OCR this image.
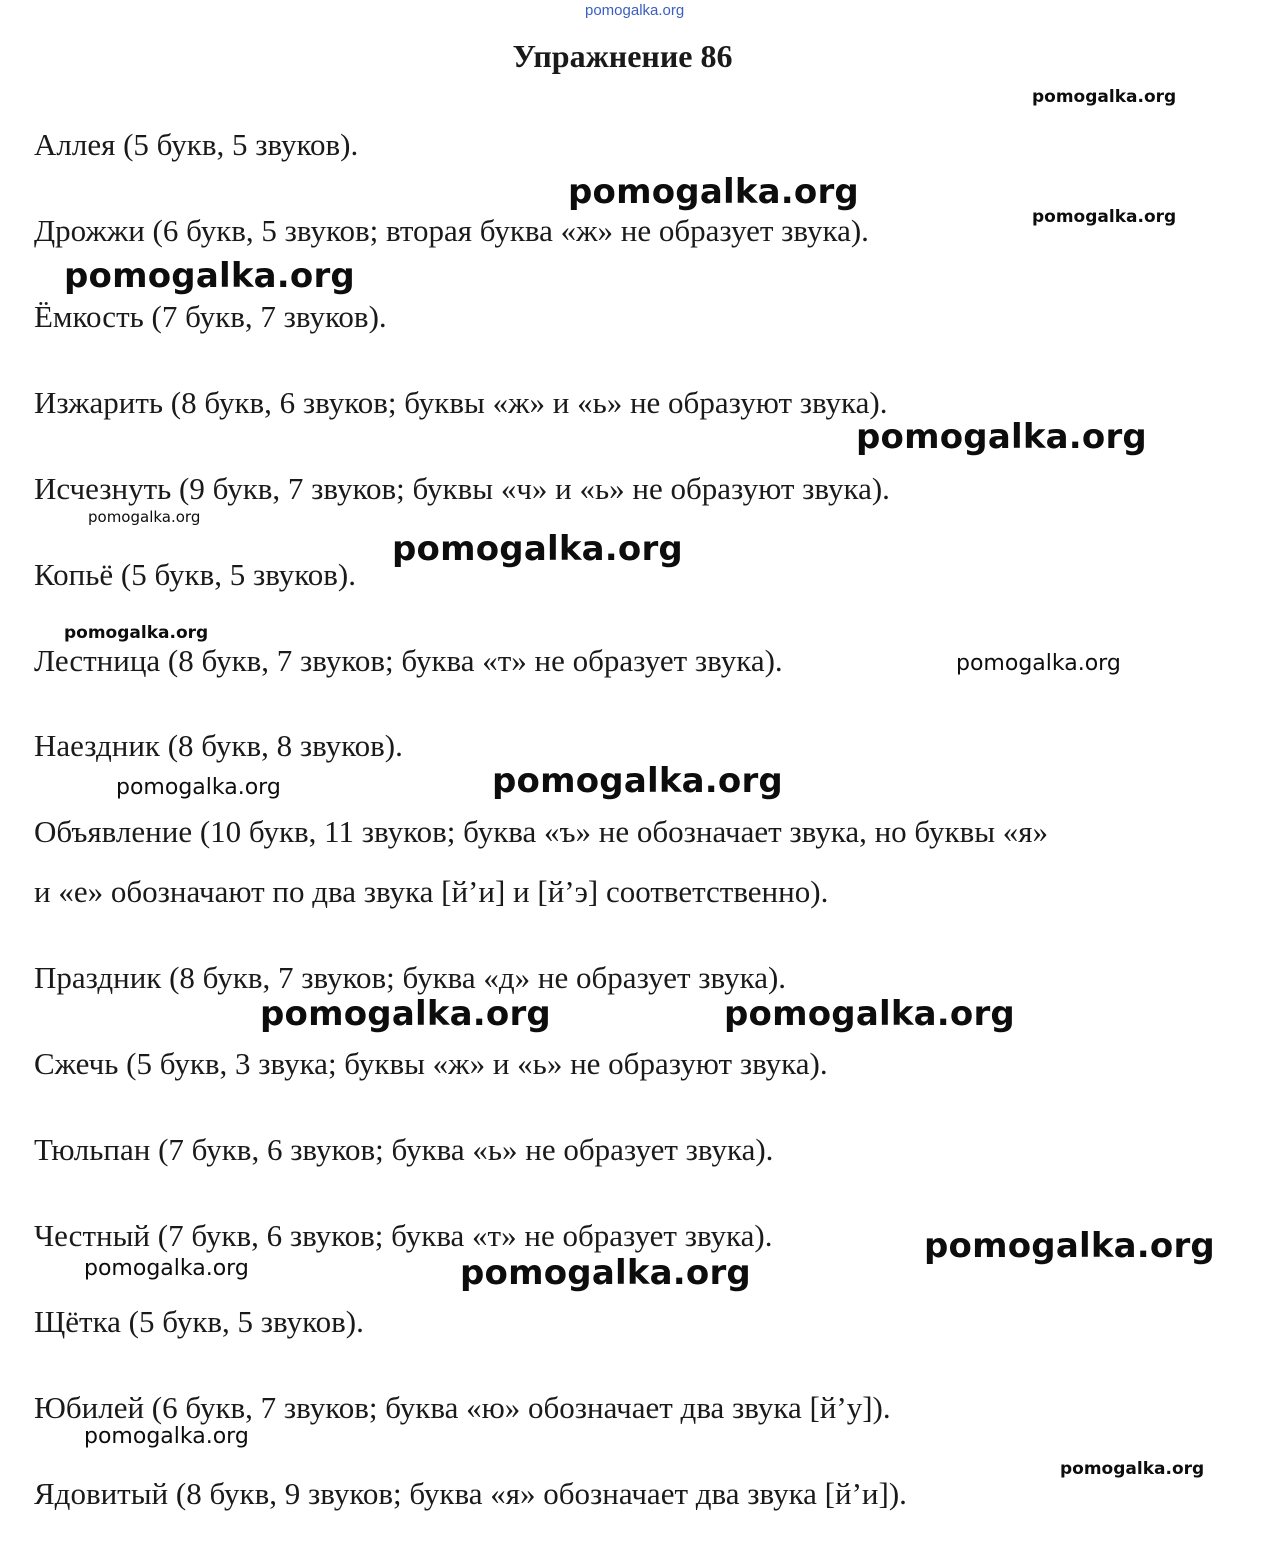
pomogalka.org
Упражнение 86
Аллея (5 букв, 5 звуков).
Дрожжи (6 букв, 5 звуков; вторая буква «ж» не образует звука).
Ёмкость (7 букв, 7 звуков).
Изжарить (8 букв, 6 звуков; буквы «ж» и «ь» не образуют звука).
Исчезнуть (9 букв, 7 звуков; буквы «ч» и «ь» не образуют звука).
Копьё (5 букв, 5 звуков).
Лестница (8 букв, 7 звуков; буква «т» не образует звука).
Наездник (8 букв, 8 звуков).
Объявление (10 букв, 11 звуков; буква «ъ» не обозначает звука, но буквы «я»
и «е» обозначают по два звука [й’и] и [й’э] соответственно).
Праздник (8 букв, 7 звуков; буква «д» не образует звука).
Сжечь (5 букв, 3 звука; буквы «ж» и «ь» не образуют звука).
Тюльпан (7 букв, 6 звуков; буква «ь» не образует звука).
Честный (7 букв, 6 звуков; буква «т» не образует звука).
Щётка (5 букв, 5 звуков).
Юбилей (6 букв, 7 звуков; буква «ю» обозначает два звука [й’у]).
Ядовитый (8 букв, 9 звуков; буква «я» обозначает два звука [й’и]).
pomogalka.org
pomogalka.org
pomogalka.org
pomogalka.org
pomogalka.org
pomogalka.org
pomogalka.org
pomogalka.org
pomogalka.org
pomogalka.org	pomogalka.org
pomogalka.org	pomogalka.org
pomogalka.org
pomogalka.org	pomogalka.org
pomogalka.org
pomogalka.org
